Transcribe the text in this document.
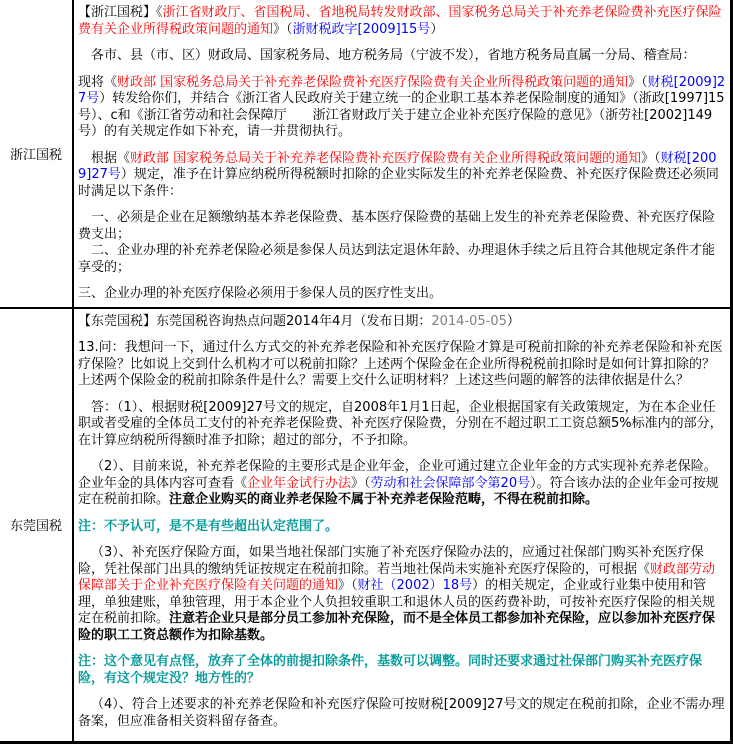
浙江国税	
【浙江国税】《浙江省财政厅、省国税局、省地税局转发财政部、国家税务总局关于补充养老保险费补充医疗保险费有关企业所得税政策问题的通知》（浙财税政字[2009]15号）
各市、县（市、区）财政局、国家税务局、地方税务局（宁波不发），省地方税务局直属一分局、稽查局：
现将《财政部 国家税务总局关于补充养老保险费补充医疗保险费有关企业所得税政策问题的通知》（财税[2009]27号）转发给你们，并结合《浙江省人民政府关于建立统一的企业职工基本养老保险制度的通知》（浙政[1997]15号）、c和《浙江省劳动和社会保障厅　　浙江省财政厅关于建立企业补充医疗保险的意见》（浙劳社[2002]149号）的有关规定作如下补充，请一并贯彻执行。
根据《财政部 国家税务总局关于补充养老保险费补充医疗保险费有关企业所得税政策问题的通知》（财税[2009]27号）规定，准予在计算应纳税所得税额时扣除的企业实际发生的补充养老保险费、补充医疗保险费还必须同时满足以下条件：
一、必须是企业在足额缴纳基本养老保险费、基本医疗保险费的基础上发生的补充养老保险费、补充医疗保险费支出；
二、企业办理的补充养老保险必须是参保人员达到法定退休年龄、办理退休手续之后且符合其他规定条件才能享受的；
三、企业办理的补充医疗保险必须用于参保人员的医疗性支出。

东莞国税	
【东莞国税】东莞国税咨询热点问题2014年4月（发布日期：2014-05-05）
13.问：我想问一下，通过什么方式交的补充养老保险和补充医疗保险才算是可税前扣除的补充养老保险和补充医疗保险？比如说上交到什么机构才可以税前扣除？上述两个保险金在企业所得税税前扣除时是如何计算扣除的？上述两个保险金的税前扣除条件是什么？需要上交什么证明材料？上述这些问题的解答的法律依据是什么？
答：（1）、根据财税[2009]27号文的规定，自2008年1月1日起，企业根据国家有关政策规定，为在本企业任职或者受雇的全体员工支付的补充养老保险费、补充医疗保险费，分别在不超过职工工资总额5%标准内的部分，在计算应纳税所得额时准予扣除；超过的部分，不予扣除。
（2）、目前来说，补充养老保险的主要形式是企业年金，企业可通过建立企业年金的方式实现补充养老保险。企业年金的具体内容可查看《企业年金试行办法》（劳动和社会保障部令第20号）。符合该办法的企业年金可按规定在税前扣除。注意企业购买的商业养老保险不属于补充养老保险范畴，不得在税前扣除。
注：不予认可，是不是有些超出认定范围了。
（3）、补充医疗保险方面，如果当地社保部门实施了补充医疗保险办法的，应通过社保部门购买补充医疗保险，凭社保部门出具的缴纳凭证按规定在税前扣除。若当地社保尚未实施补充医疗保险的，可根据《财政部劳动保障部关于企业补充医疗保险有关问题的通知》（财社（2002）18号）的相关规定，企业或行业集中使用和管理，单独建账，单独管理，用于本企业个人负担较重职工和退休人员的医药费补助，可按补充医疗保险的相关规定在税前扣除。注意若企业只是部分员工参加补充保险，而不是全体员工都参加补充保险，应以参加补充医疗保险的职工工资总额作为扣除基数。
注：这个意见有点怪，放弃了全体的前提扣除条件，基数可以调整。同时还要求通过社保部门购买补充医疗保险，有这个规定没？地方性的？
（4）、符合上述要求的补充养老保险和补充医疗保险可按财税[2009]27号文的规定在税前扣除，企业不需办理备案，但应准备相关资料留存备查。
